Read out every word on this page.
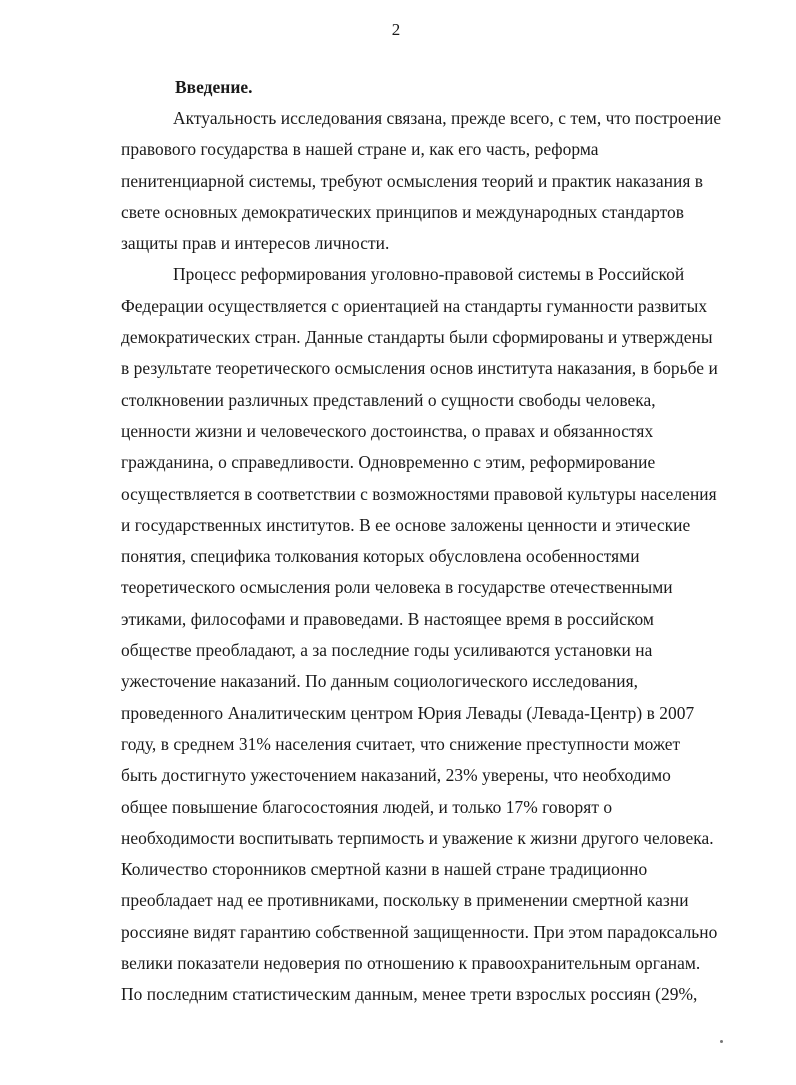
2

Введение.

Актуальность исследования связана, прежде всего, с тем, что построение
правового государства в нашей стране и, как его часть, реформа
пенитенциарной системы, требуют осмысления теорий и практик наказания в
свете основных демократических принципов и международных стандартов
защиты прав и интересов личности.
Процесс реформирования уголовно-правовой системы в Российской
Федерации осуществляется с ориентацией на стандарты гуманности развитых
демократических стран. Данные стандарты были сформированы и утверждены
в результате теоретического осмысления основ института наказания, в борьбе и
столкновении различных представлений о сущности свободы человека,
ценности жизни и человеческого достоинства, о правах и обязанностях
гражданина, о справедливости. Одновременно с этим, реформирование
осуществляется в соответствии с возможностями правовой культуры населения
и государственных институтов. В ее основе заложены ценности и этические
понятия, специфика толкования которых обусловлена особенностями
теоретического осмысления роли человека в государстве отечественными
этиками, философами и правоведами. В настоящее время в российском
обществе преобладают, а за последние годы усиливаются установки на
ужесточение наказаний. По данным социологического исследования,
проведенного Аналитическим центром Юрия Левады (Левада-Центр) в 2007
году, в среднем 31% населения считает, что снижение преступности может
быть достигнуто ужесточением наказаний, 23% уверены, что необходимо
общее повышение благосостояния людей, и только 17% говорят о
необходимости воспитывать терпимость и уважение к жизни другого человека.
Количество сторонников смертной казни в нашей стране традиционно
преобладает над ее противниками, поскольку в применении смертной казни
россияне видят гарантию собственной защищенности. При этом парадоксально
велики показатели недоверия по отношению к правоохранительным органам.
По последним статистическим данным, менее трети взрослых россиян (29%,
